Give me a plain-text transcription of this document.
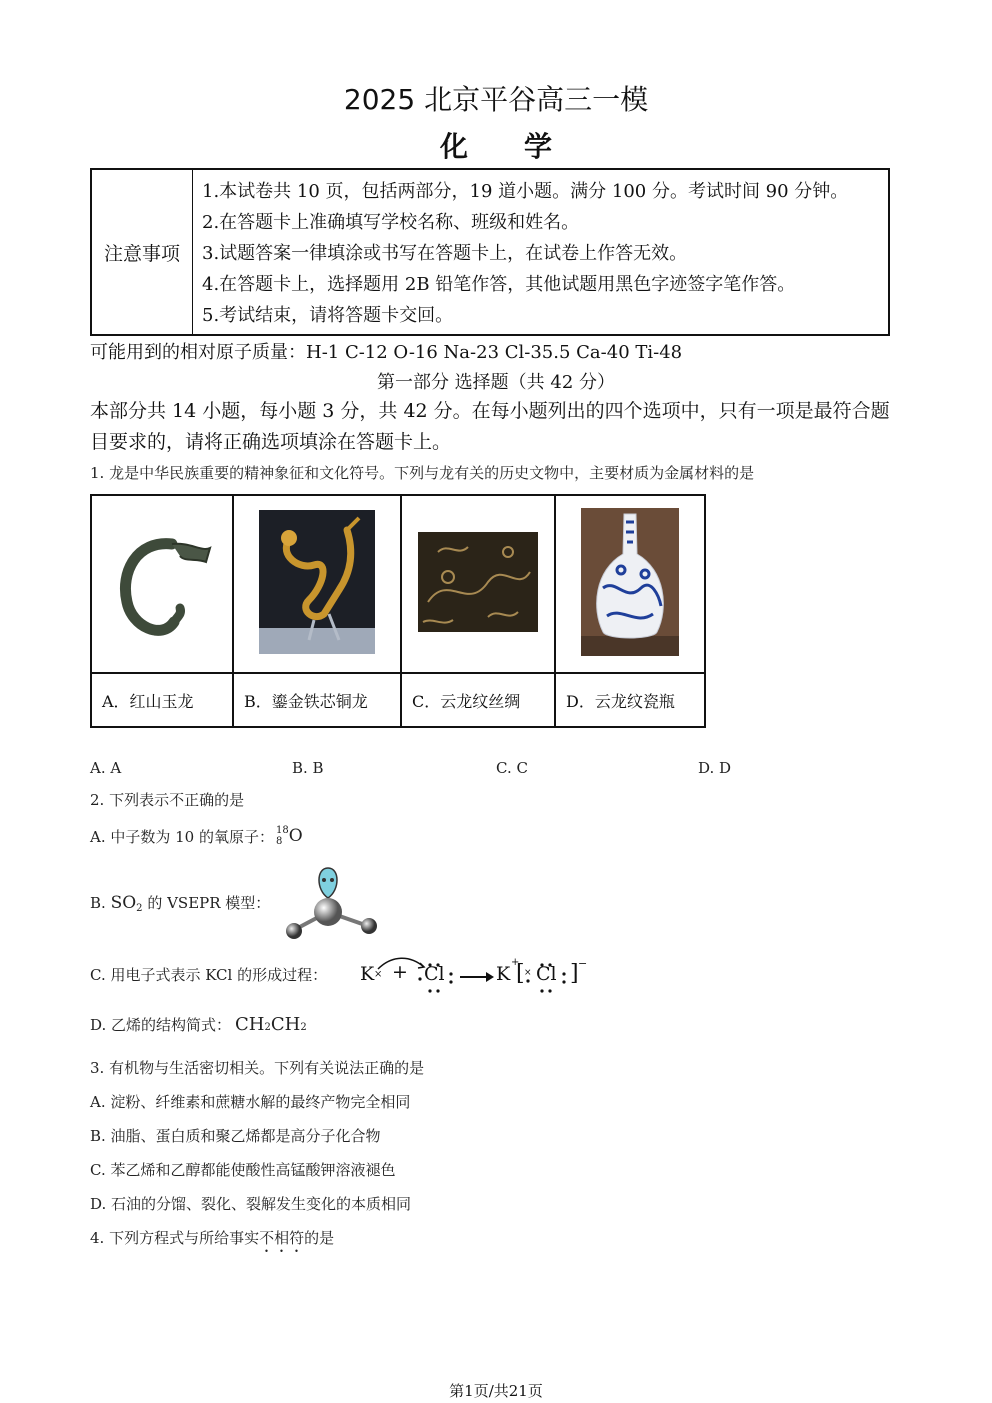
2025 北京平谷高三一模
化学
注意事项
1.本试卷共 10 页，包括两部分，19 道小题。满分 100 分。考试时间 90 分钟。
2.在答题卡上准确填写学校名称、班级和姓名。
3.试题答案一律填涂或书写在答题卡上，在试卷上作答无效。
4.在答题卡上，选择题用 2B 铅笔作答，其他试题用黑色字迹签字笔作答。
5.考试结束，请将答题卡交回。
可能用到的相对原子质量：H-1 C-12 O-16 Na-23 Cl-35.5 Ca-40 Ti-48
第一部分 选择题（共 42 分）
本部分共 14 小题，每小题 3 分，共 42 分。在每小题列出的四个选项中，只有一项是最符合题目要求的，请将正确选项填涂在答题卡上。
1. 龙是中华民族重要的精神象征和文化符号。下列与龙有关的历史文物中，主要材质为金属材料的是

A．红山玉龙	B．鎏金铁芯铜龙	C．云龙纹丝绸	D．云龙纹瓷瓶
A. A	B. B	C. C	D. D
2. 下列表示不正确的是
A. 中子数为 10 的氧原子： 18
8 O
B. $SO_2$ 的 VSEPR 模型：
C. 用电子式表示 KCl 的形成过程：	×	×
K + Cl	K
+
[ Cl ] −
D. 乙烯的结构简式： CH 2 CH 2
3. 有机物与生活密切相关。下列有关说法正确的是
A. 淀粉、纤维素和蔗糖水解的最终产物完全相同
B. 油脂、蛋白质和聚乙烯都是高分子化合物
C. 苯乙烯和乙醇都能使酸性高锰酸钾溶液褪色
D. 石油的分馏、裂化、裂解发生变化的本质相同
4. 下列方程式与所给事实不相符的是
第1页/共21页
